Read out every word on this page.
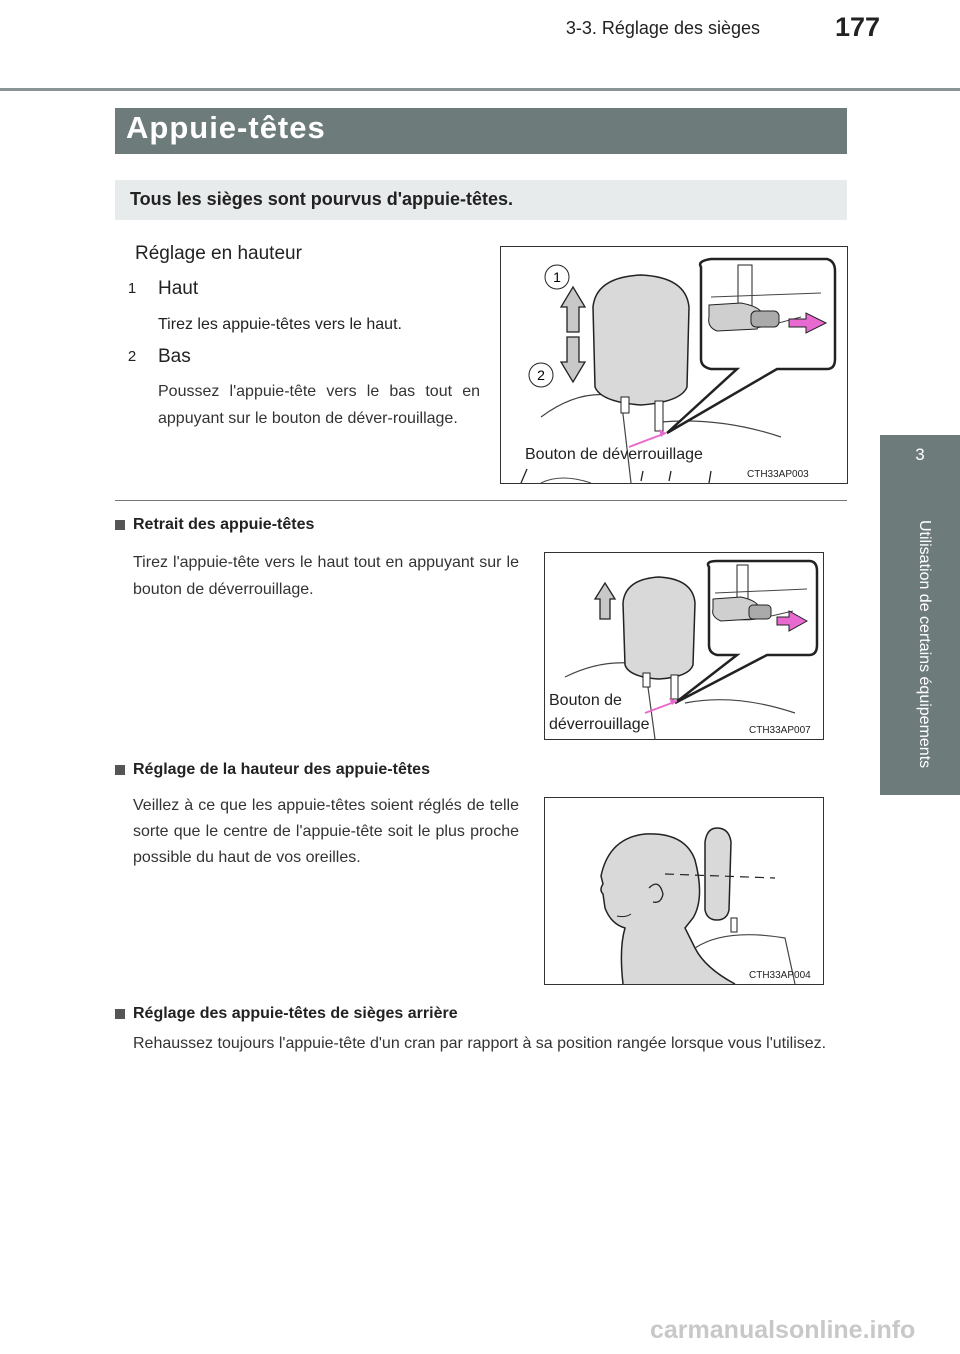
3-3. Réglage des sièges	177
3
Utilisation de certains équipements
Appuie-têtes
Tous les sièges sont pourvus d'appuie-têtes.
Réglage en hauteur
1 Haut
Tirez les appuie-têtes vers le haut.
2 Bas
Poussez l'appuie-tête vers le bas tout en appuyant sur le bouton de déver-rouillage.
1
2
Bouton de déverrouillage
CTH33AP003
Retrait des appuie-têtes
Tirez l'appuie-tête vers le haut tout en appuyant sur le bouton de déverrouillage.
Bouton de
déverrouillage	CTH33AP007
Réglage de la hauteur des appuie-têtes
Veillez à ce que les appuie-têtes soient réglés de telle sorte que le centre de l'appuie-tête soit le plus proche possible du haut de vos oreilles.
CTH33AP004
Réglage des appuie-têtes de sièges arrière
Rehaussez toujours l'appuie-tête d'un cran par rapport à sa position rangée lorsque vous l'utilisez.
carmanualsonline.info
